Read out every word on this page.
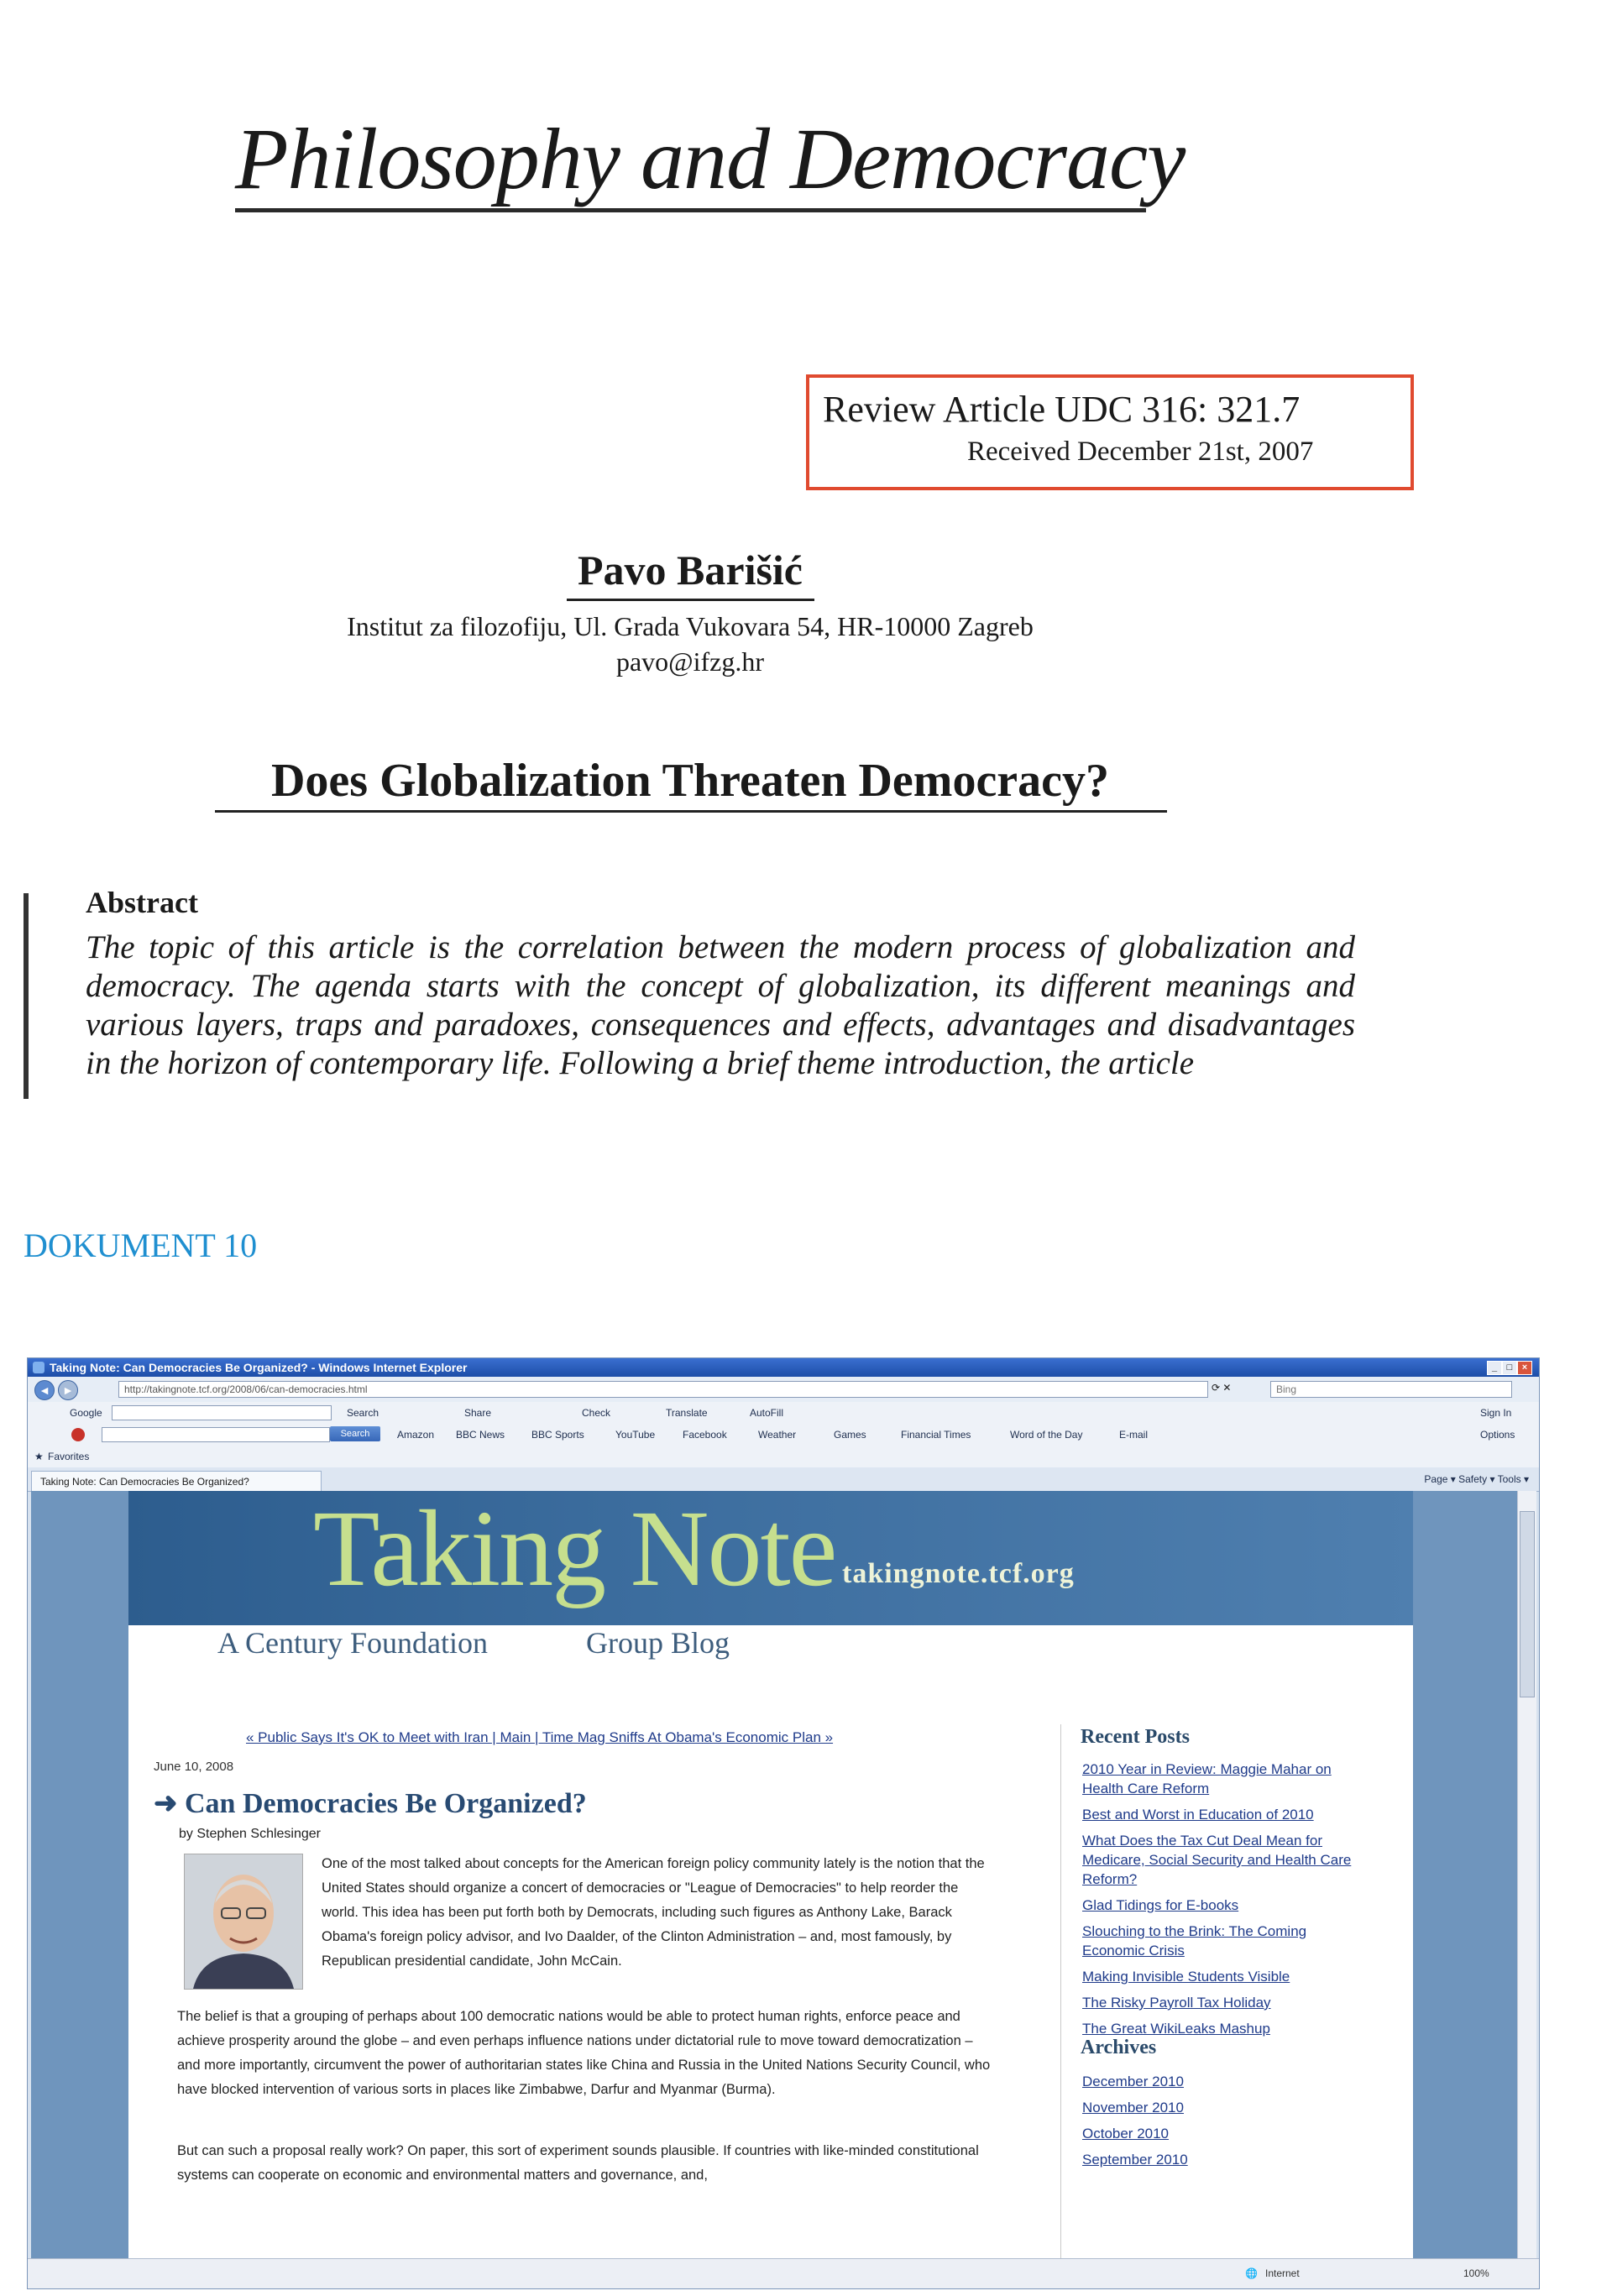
Philosophy and Democracy
Review Article UDC 316: 321.7
Received December 21st, 2007
Pavo Barišić
Institut za filozofiju, Ul. Grada Vukovara 54, HR-10000 Zagreb
pavo@ifzg.hr
Does Globalization Threaten Democracy?
Abstract
The topic of this article is the correlation between the modern process of globalization and democracy. The agenda starts with the concept of globalization, its different meanings and various layers, traps and paradoxes, consequences and effects, advantages and disadvantages in the horizon of contemporary life. Following a brief theme introduction, the article
DOKUMENT 10
Taking Note: Can Democracies Be Organized? - Windows Internet Explorer	_	□	×
◄	►	http://takingnote.tcf.org/2008/06/can-democracies.html	⟳ ✕	Bing
Google	Search	Share	Check	Translate	AutoFill	Sign In
Search	Amazon BBC News	BBC Sports	YouTube	Facebook	Weather	Games	Financial Times	Word of the Day	E-mail	Options
★ Favorites
Taking Note: Can Democracies Be Organized?	Page ▾ Safety ▾ Tools ▾
Taking Note takingnote.tcf.org
A Century Foundation	Group Blog
« Public Says It's OK to Meet with Iran | Main | Time Mag Sniffs At Obama's Economic Plan »
June 10, 2008
➜ Can Democracies Be Organized?
by Stephen Schlesinger
One of the most talked about concepts for the American foreign policy community lately is the notion that the United States should organize a concert of democracies or "League of Democracies" to help reorder the world. This idea has been put forth both by Democrats, including such figures as Anthony Lake, Barack Obama's foreign policy advisor, and Ivo Daalder, of the Clinton Administration – and, most famously, by Republican presidential candidate, John McCain.
The belief is that a grouping of perhaps about 100 democratic nations would be able to protect human rights, enforce peace and achieve prosperity around the globe – and even perhaps influence nations under dictatorial rule to move toward democratization –and more importantly, circumvent the power of authoritarian states like China and Russia in the United Nations Security Council, who have blocked intervention of various sorts in places like Zimbabwe, Darfur and Myanmar (Burma).
But can such a proposal really work? On paper, this sort of experiment sounds plausible. If countries with like-minded constitutional systems can cooperate on economic and environmental matters and governance, and,
Recent Posts
2010 Year in Review: Maggie Mahar on Health Care Reform
Best and Worst in Education of 2010
What Does the Tax Cut Deal Mean for Medicare, Social Security and Health Care Reform?
Glad Tidings for E-books
Slouching to the Brink: The Coming Economic Crisis
Making Invisible Students Visible
The Risky Payroll Tax Holiday
The Great WikiLeaks Mashup
Archives
December 2010
November 2010
October 2010
September 2010
🌐 Internet	100%
